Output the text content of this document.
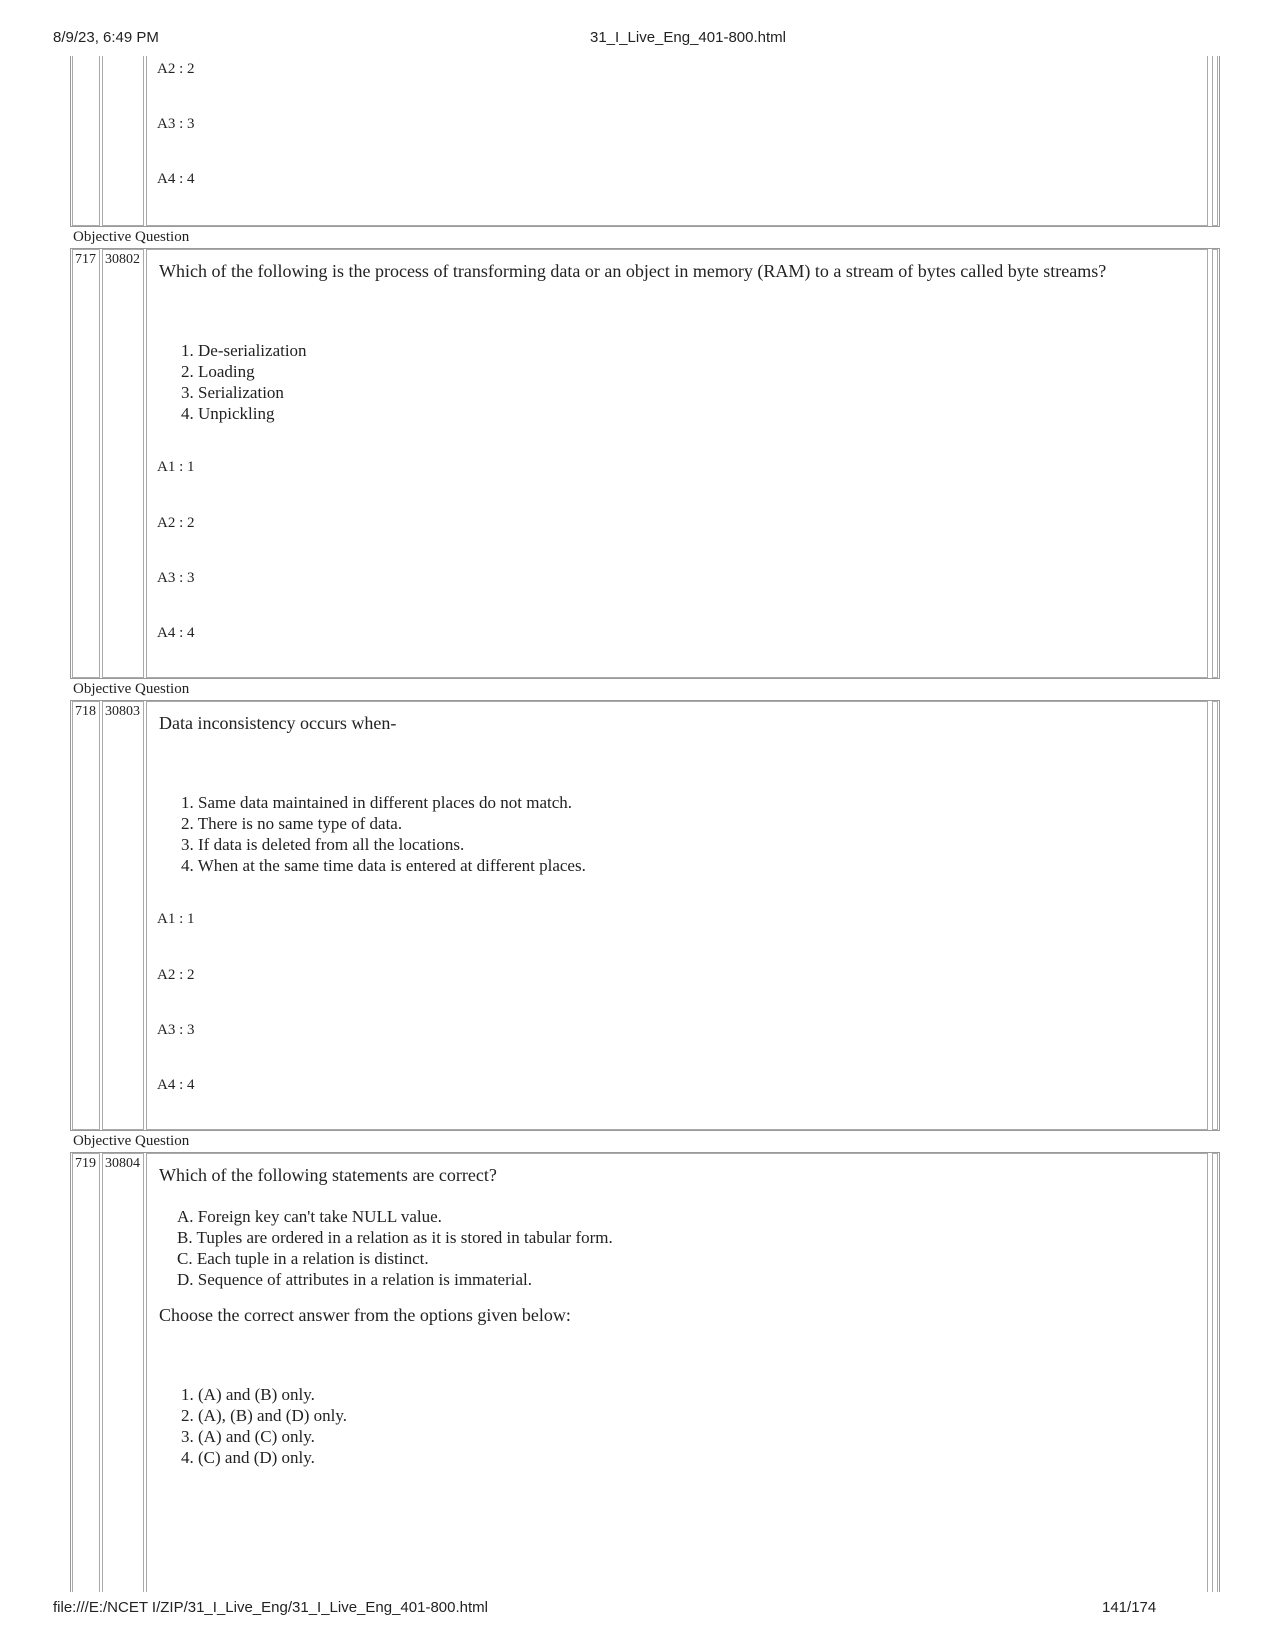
8/9/23, 6:49 PM	31_I_Live_Eng_401-800.html
A2 : 2
A3 : 3
A4 : 4
Objective Question
717 30802
Which of the following is the process of transforming data or an object in memory (RAM) to a stream of bytes called byte streams?
1. De-serialization
2. Loading
3. Serialization
4. Unpickling
A1 : 1
A2 : 2
A3 : 3
A4 : 4
Objective Question
718 30803
Data inconsistency occurs when-
1. Same data maintained in different places do not match.
2. There is no same type of data.
3. If data is deleted from all the locations.
4. When at the same time data is entered at different places.
A1 : 1
A2 : 2
A3 : 3
A4 : 4
Objective Question
719 30804
Which of the following statements are correct?
A. Foreign key can't take NULL value.
B. Tuples are ordered in a relation as it is stored in tabular form.
C. Each tuple in a relation is distinct.
D. Sequence of attributes in a relation is immaterial.
Choose the correct answer from the options given below:
1. (A) and (B) only.
2. (A), (B) and (D) only.
3. (A) and (C) only.
4. (C) and (D) only.
file:///E:/NCET I/ZIP/31_I_Live_Eng/31_I_Live_Eng_401-800.html	141/174
